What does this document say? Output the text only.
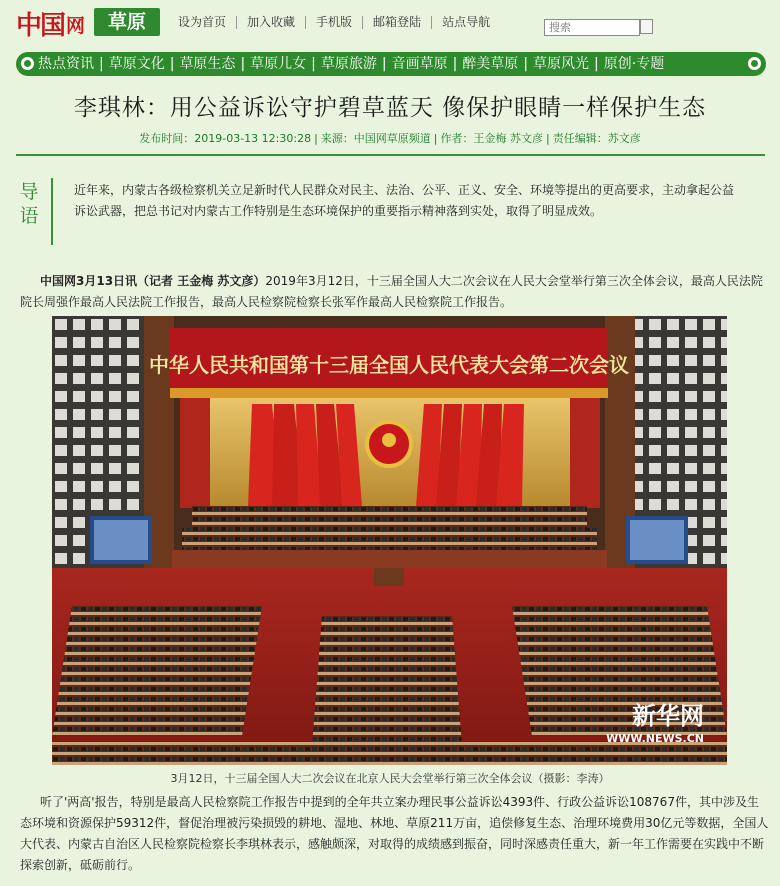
中国 网	草原	设为首页	加入收藏	手机版	邮箱登陆	站点导航
搜索
热点资讯 | 草原文化 | 草原生态 | 草原儿女 | 草原旅游 | 音画草原 | 醉美草原 | 草原风光 | 原创·专题
李琪林：用公益诉讼守护碧草蓝天 像保护眼睛一样保护生态
发布时间：2019-03-13 12:30:28 | 来源：中国网草原频道 | 作者：王金梅 苏文彦 | 责任编辑：苏文彦
导语

近年来，内蒙古各级检察机关立足新时代人民群众对民主、法治、公平、正义、安全、环境等提出的更高要求，主动拿起公益诉讼武器，把总书记对内蒙古工作特别是生态环境保护的重要指示精神落到实处，取得了明显成效。

中国网3月13日讯（记者 王金梅 苏文彦）2019年3月12日，十三届全国人大二次会议在人民大会堂举行第三次全体会议，最高人民法院院长周强作最高人民法院工作报告，最高人民检察院检察长张军作最高人民检察院工作报告。

中华人民共和国第十三届全国人民代表大会第二次会议
新华网
WWW.NEWS.CN
3月12日，十三届全国人大二次会议在北京人民大会堂举行第三次全体会议（摄影：李涛）

听了'两高'报告，特别是最高人民检察院工作报告中提到的全年共立案办理民事公益诉讼4393件、行政公益诉讼108767件，其中涉及生态环境和资源保护59312件，督促治理被污染损毁的耕地、湿地、林地、草原211万亩，追偿修复生态、治理环境费用30亿元等数据，全国人大代表、内蒙古自治区人民检察院检察长李琪林表示，感触颇深，对取得的成绩感到振奋，同时深感责任重大，新一年工作需要在实践中不断探索创新，砥砺前行。
